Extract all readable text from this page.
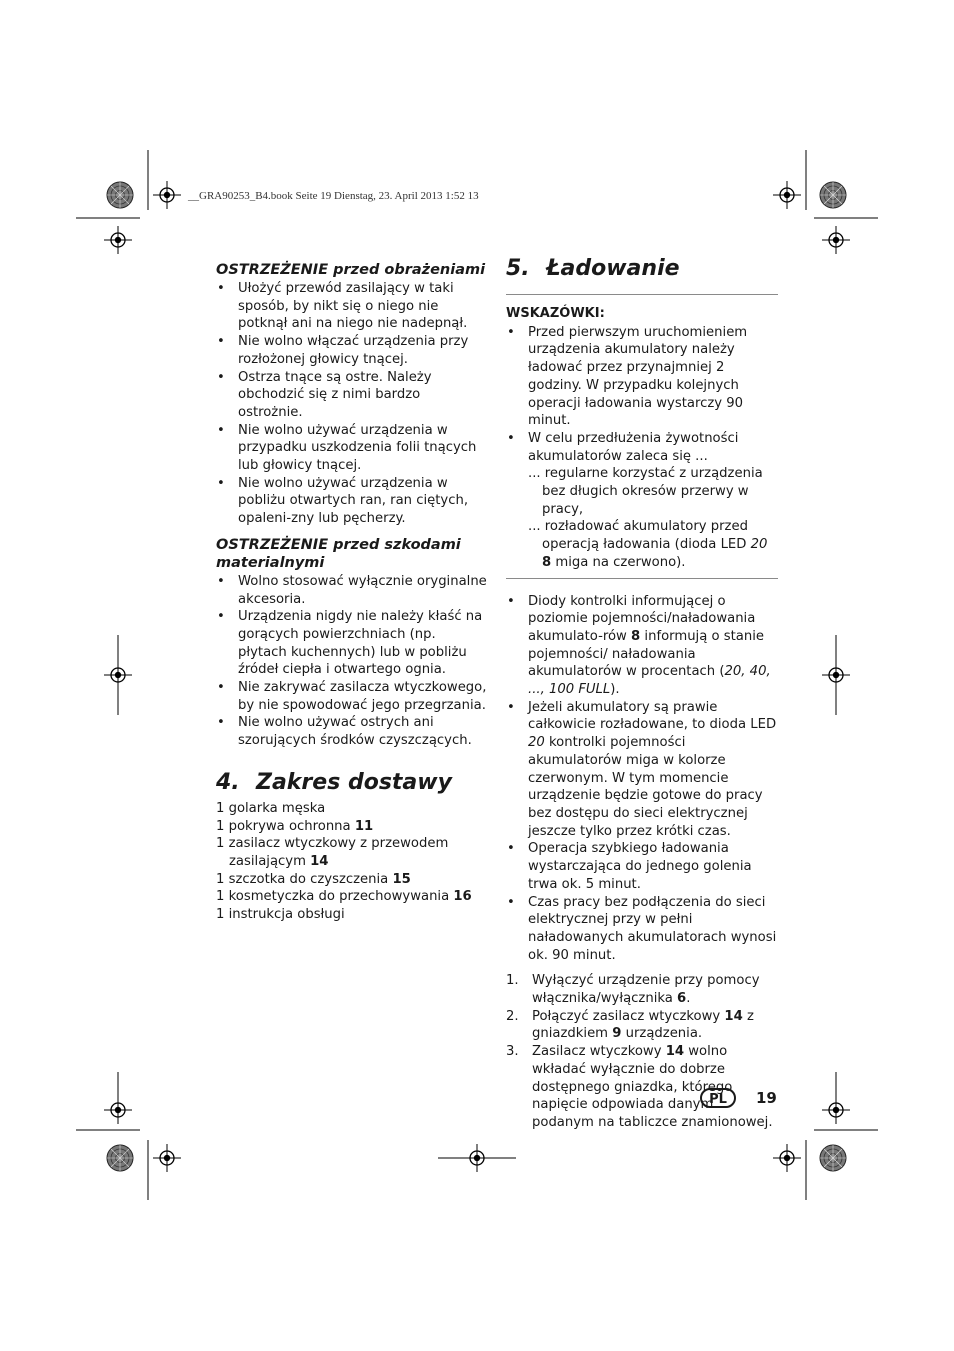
__GRA90253_B4.book Seite 19 Dienstag, 23. April 2013 1:52 13
OSTRZEŻENIE przed obrażeniami
• Ułożyć przewód zasilający w taki sposób, by nikt się o niego nie potknął ani na niego nie nadepnął.
• Nie wolno włączać urządzenia przy rozłożonej głowicy tnącej.
• Ostrza tnące są ostre. Należy obchodzić się z nimi bardzo ostrożnie.
• Nie wolno używać urządzenia w przypadku uszkodzenia folii tnących lub głowicy tnącej.
• Nie wolno używać urządzenia w pobliżu otwartych ran, ran ciętych, opaleni-zny lub pęcherzy.
OSTRZEŻENIE przed szkodami materialnymi
• Wolno stosować wyłącznie oryginalne akcesoria.
• Urządzenia nigdy nie należy kłaść na gorących powierzchniach (np. płytach kuchennych) lub w pobliżu źródeł ciepła i otwartego ognia.
• Nie zakrywać zasilacza wtyczkowego, by nie spowodować jego przegrzania.
• Nie wolno używać ostrych ani szorujących środków czyszczących.
4. Zakres dostawy
1 golarka męska
1 pokrywa ochronna 11
1 zasilacz wtyczkowy z przewodem zasilającym 14
1 szczotka do czyszczenia 15
1 kosmetyczka do przechowywania 16
1 instrukcja obsługi
5. Ładowanie
WSKAZÓWKI:
• Przed pierwszym uruchomieniem urządzenia akumulatory należy ładować przez przynajmniej 2 godziny. W przypadku kolejnych operacji ładowania wystarczy 90 minut.
• W celu przedłużenia żywotności akumulatorów zaleca się ...
... regularne korzystać z urządzenia bez długich okresów przerwy w pracy,
... rozładować akumulatory przed operacją ładowania (dioda LED 20 8 miga na czerwono).
• Diody kontrolki informującej o poziomie pojemności/naładowania akumulato-rów 8 informują o stanie pojemności/ naładowania akumulatorów w procentach (20, 40, ..., 100 FULL).
• Jeżeli akumulatory są prawie całkowicie rozładowane, to dioda LED 20 kontrolki pojemności akumulatorów miga w kolorze czerwonym. W tym momencie urządzenie będzie gotowe do pracy bez dostępu do sieci elektrycznej jeszcze tylko przez krótki czas.
• Operacja szybkiego ładowania wystarczająca do jednego golenia trwa ok. 5 minut.
• Czas pracy bez podłączenia do sieci elektrycznej przy w pełni naładowanych akumulatorach wynosi ok. 90 minut.
1. Wyłączyć urządzenie przy pomocy włącznika/wyłącznika 6.
2. Połączyć zasilacz wtyczkowy 14 z gniazdkiem 9 urządzenia.
3. Zasilacz wtyczkowy 14 wolno wkładać wyłącznie do dobrze dostępnego gniazdka, którego napięcie odpowiada danym podanym na tabliczce znamionowej.
PL	19
